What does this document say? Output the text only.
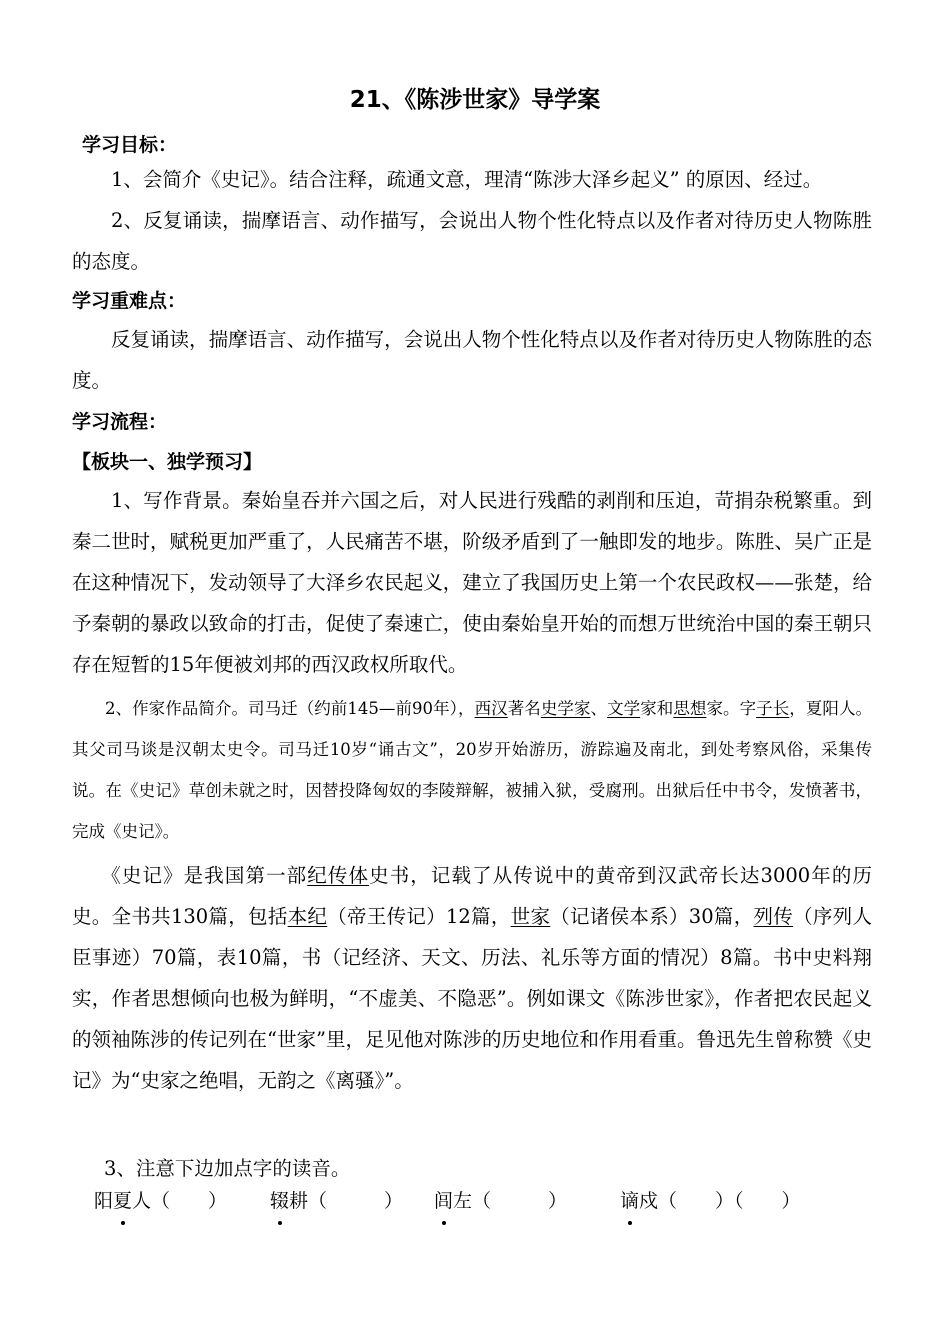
21、《陈涉世家》导学案
学习目标：
1、会简介《史记》。结合注释，疏通文意，理清“陈涉大泽乡起义” 的原因、经过。
2、反复诵读，揣摩语言、动作描写，会说出人物个性化特点以及作者对待历史人物陈胜的态度。
学习重难点：
反复诵读，揣摩语言、动作描写，会说出人物个性化特点以及作者对待历史人物陈胜的态度。
学习流程：
【板块一、独学预习】
1、写作背景。秦始皇吞并六国之后，对人民进行残酷的剥削和压迫，苛捐杂税繁重。到秦二世时，赋税更加严重了，人民痛苦不堪，阶级矛盾到了一触即发的地步。陈胜、吴广正是在这种情况下，发动领导了大泽乡农民起义，建立了我国历史上第一个农民政权——张楚，给予秦朝的暴政以致命的打击，促使了秦速亡，使由秦始皇开始的而想万世统治中国的秦王朝只存在短暂的15年便被刘邦的西汉政权所取代。
2、作家作品简介。司马迁（约前145—前90年），西汉著名史学家、文学家和思想家。字子长，夏阳人。其父司马谈是汉朝太史令。司马迁10岁“诵古文”，20岁开始游历，游踪遍及南北，到处考察风俗，采集传说。在《史记》草创未就之时，因替投降匈奴的李陵辩解，被捕入狱，受腐刑。出狱后任中书令，发愤著书，完成《史记》。
《史记》是我国第一部纪传体史书，记载了从传说中的黄帝到汉武帝长达3000年的历史。全书共130篇，包括本纪（帝王传记）12篇，世家（记诸侯本系）30篇，列传（序列人臣事迹）70篇，表10篇，书（记经济、天文、历法、礼乐等方面的情况）8篇。书中史料翔实，作者思想倾向也极为鲜明，“不虚美、不隐恶”。例如课文《陈涉世家》，作者把农民起义的领袖陈涉的传记列在“世家”里，足见他对陈涉的历史地位和作用看重。鲁迅先生曾称赞《史记》为“史家之绝唱，无韵之《离骚》”。
3、注意下边加点字的读音。
阳夏人（　　） 辍耕（　　　） 闾左（　　　）	谪戍（　　）（　　）
